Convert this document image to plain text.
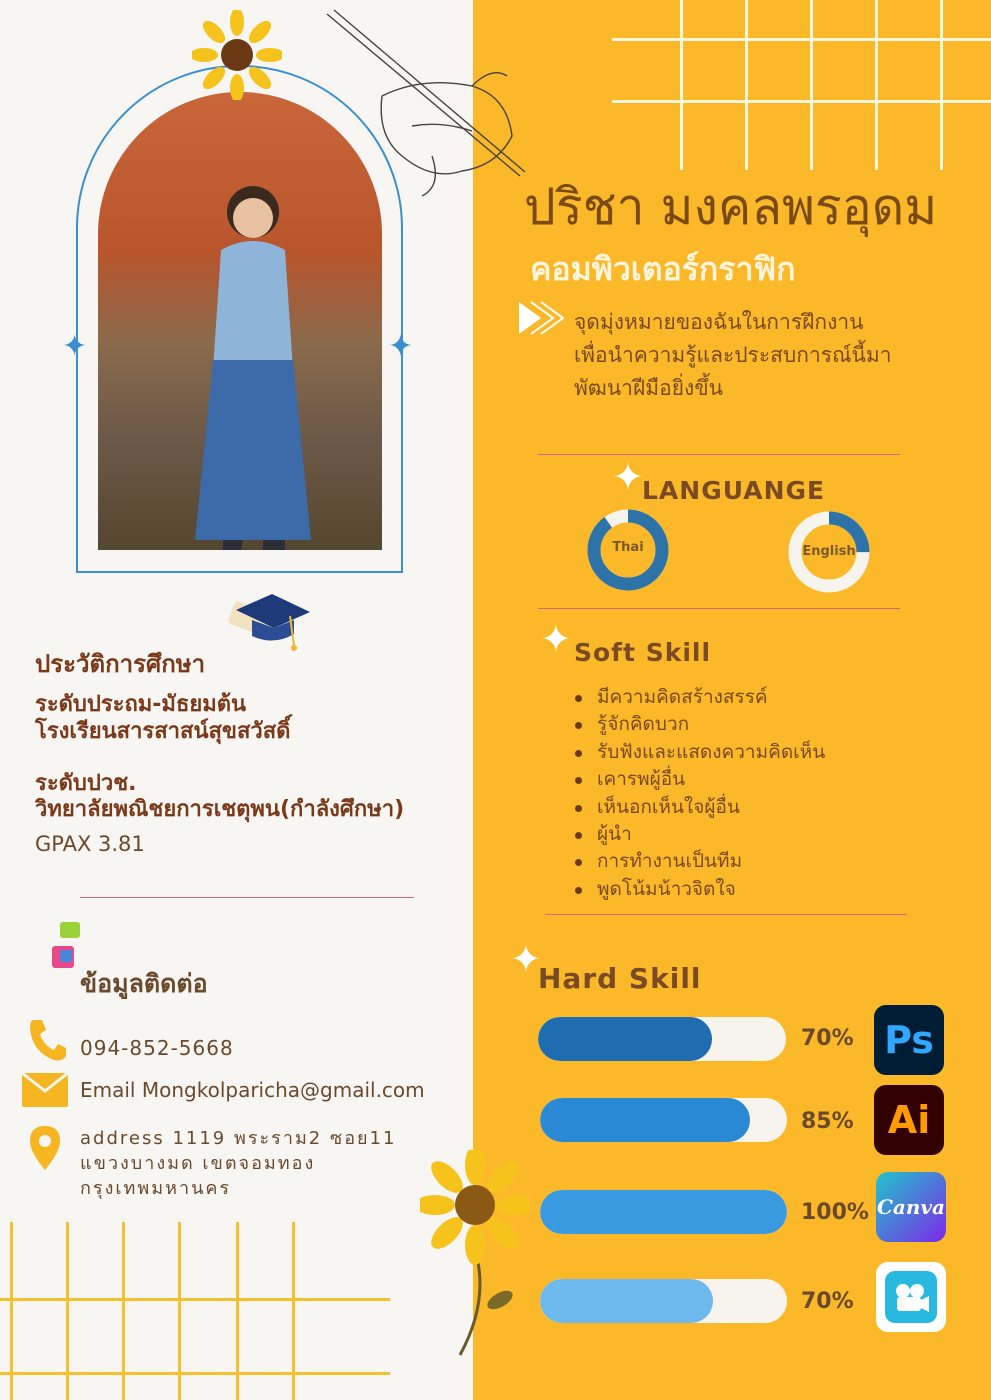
✦	✦
ปริชา มงคลพรอุดม
คอมพิวเตอร์กราฟิก
จุดมุ่งหมายของฉันในการฝึกงาน
เพื่อนำความรู้และประสบการณ์นี้มา
พัฒนาฝีมือยิ่งขึ้น
✦
LANGUANGE
Thai	English
✦ Soft Skill
มีความคิดสร้างสรรค์
รู้จักคิดบวก
รับฟังและแสดงความคิดเห็น
เคารพผู้อื่น
เห็นอกเห็นใจผู้อื่น
ผู้นำ
การทำงานเป็นทีม
พูดโน้มน้าวจิตใจ
✦
Hard Skill
70% Ps
85% Ai
100% Canva
70%
ประวัติการศึกษา
ระดับประถม-มัธยมต้น
โรงเรียนสารสาสน์สุขสวัสดิ์
ระดับปวช.
วิทยาลัยพณิชยการเชตุพน(กำลังศึกษา)
GPAX 3.81
ข้อมูลติดต่อ
094-852-5668
Email Mongkolparicha@gmail.com
address 1119 พระราม2 ซอย11
แขวงบางมด เขตจอมทอง
กรุงเทพมหานคร
